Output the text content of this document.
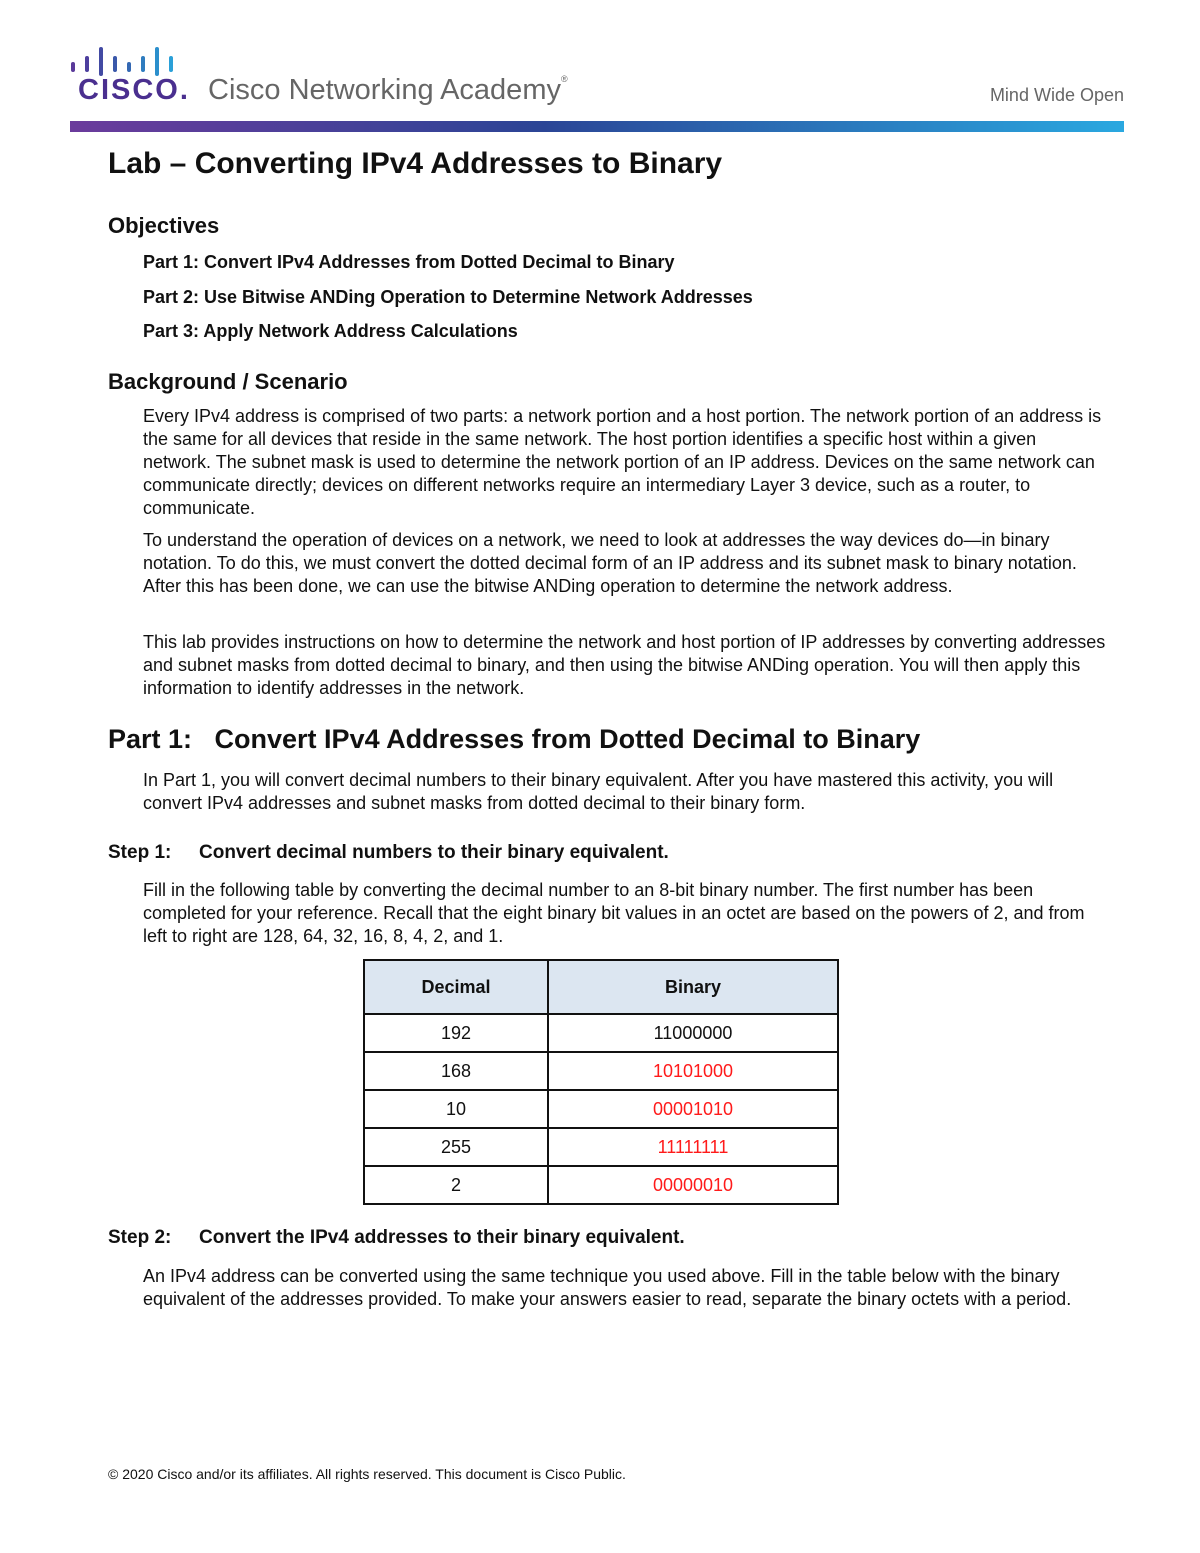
CISCO. Cisco Networking Academy®
Mind Wide Open
Lab – Converting IPv4 Addresses to Binary
Objectives
Part 1: Convert IPv4 Addresses from Dotted Decimal to Binary
Part 2: Use Bitwise ANDing Operation to Determine Network Addresses
Part 3: Apply Network Address Calculations
Background / Scenario
Every IPv4 address is comprised of two parts: a network portion and a host portion. The network portion of an address is the same for all devices that reside in the same network. The host portion identifies a specific host within a given network. The subnet mask is used to determine the network portion of an IP address. Devices on the same network can communicate directly; devices on different networks require an intermediary Layer 3 device, such as a router, to communicate.
To understand the operation of devices on a network, we need to look at addresses the way devices do—in binary notation. To do this, we must convert the dotted decimal form of an IP address and its subnet mask to binary notation. After this has been done, we can use the bitwise ANDing operation to determine the network address.
This lab provides instructions on how to determine the network and host portion of IP addresses by converting addresses and subnet masks from dotted decimal to binary, and then using the bitwise ANDing operation. You will then apply this information to identify addresses in the network.
Part 1:   Convert IPv4 Addresses from Dotted Decimal to Binary
In Part 1, you will convert decimal numbers to their binary equivalent. After you have mastered this activity, you will convert IPv4 addresses and subnet masks from dotted decimal to their binary form.
Step 1: Convert decimal numbers to their binary equivalent.
Fill in the following table by converting the decimal number to an 8-bit binary number. The first number has been completed for your reference. Recall that the eight binary bit values in an octet are based on the powers of 2, and from left to right are 128, 64, 32, 16, 8, 4, 2, and 1.
Decimal	Binary
192	11000000
168	10101000
10	00001010
255	11111111
2	00000010
Step 2: Convert the IPv4 addresses to their binary equivalent.
An IPv4 address can be converted using the same technique you used above. Fill in the table below with the binary equivalent of the addresses provided. To make your answers easier to read, separate the binary octets with a period.
© 2020 Cisco and/or its affiliates. All rights reserved. This document is Cisco Public.
